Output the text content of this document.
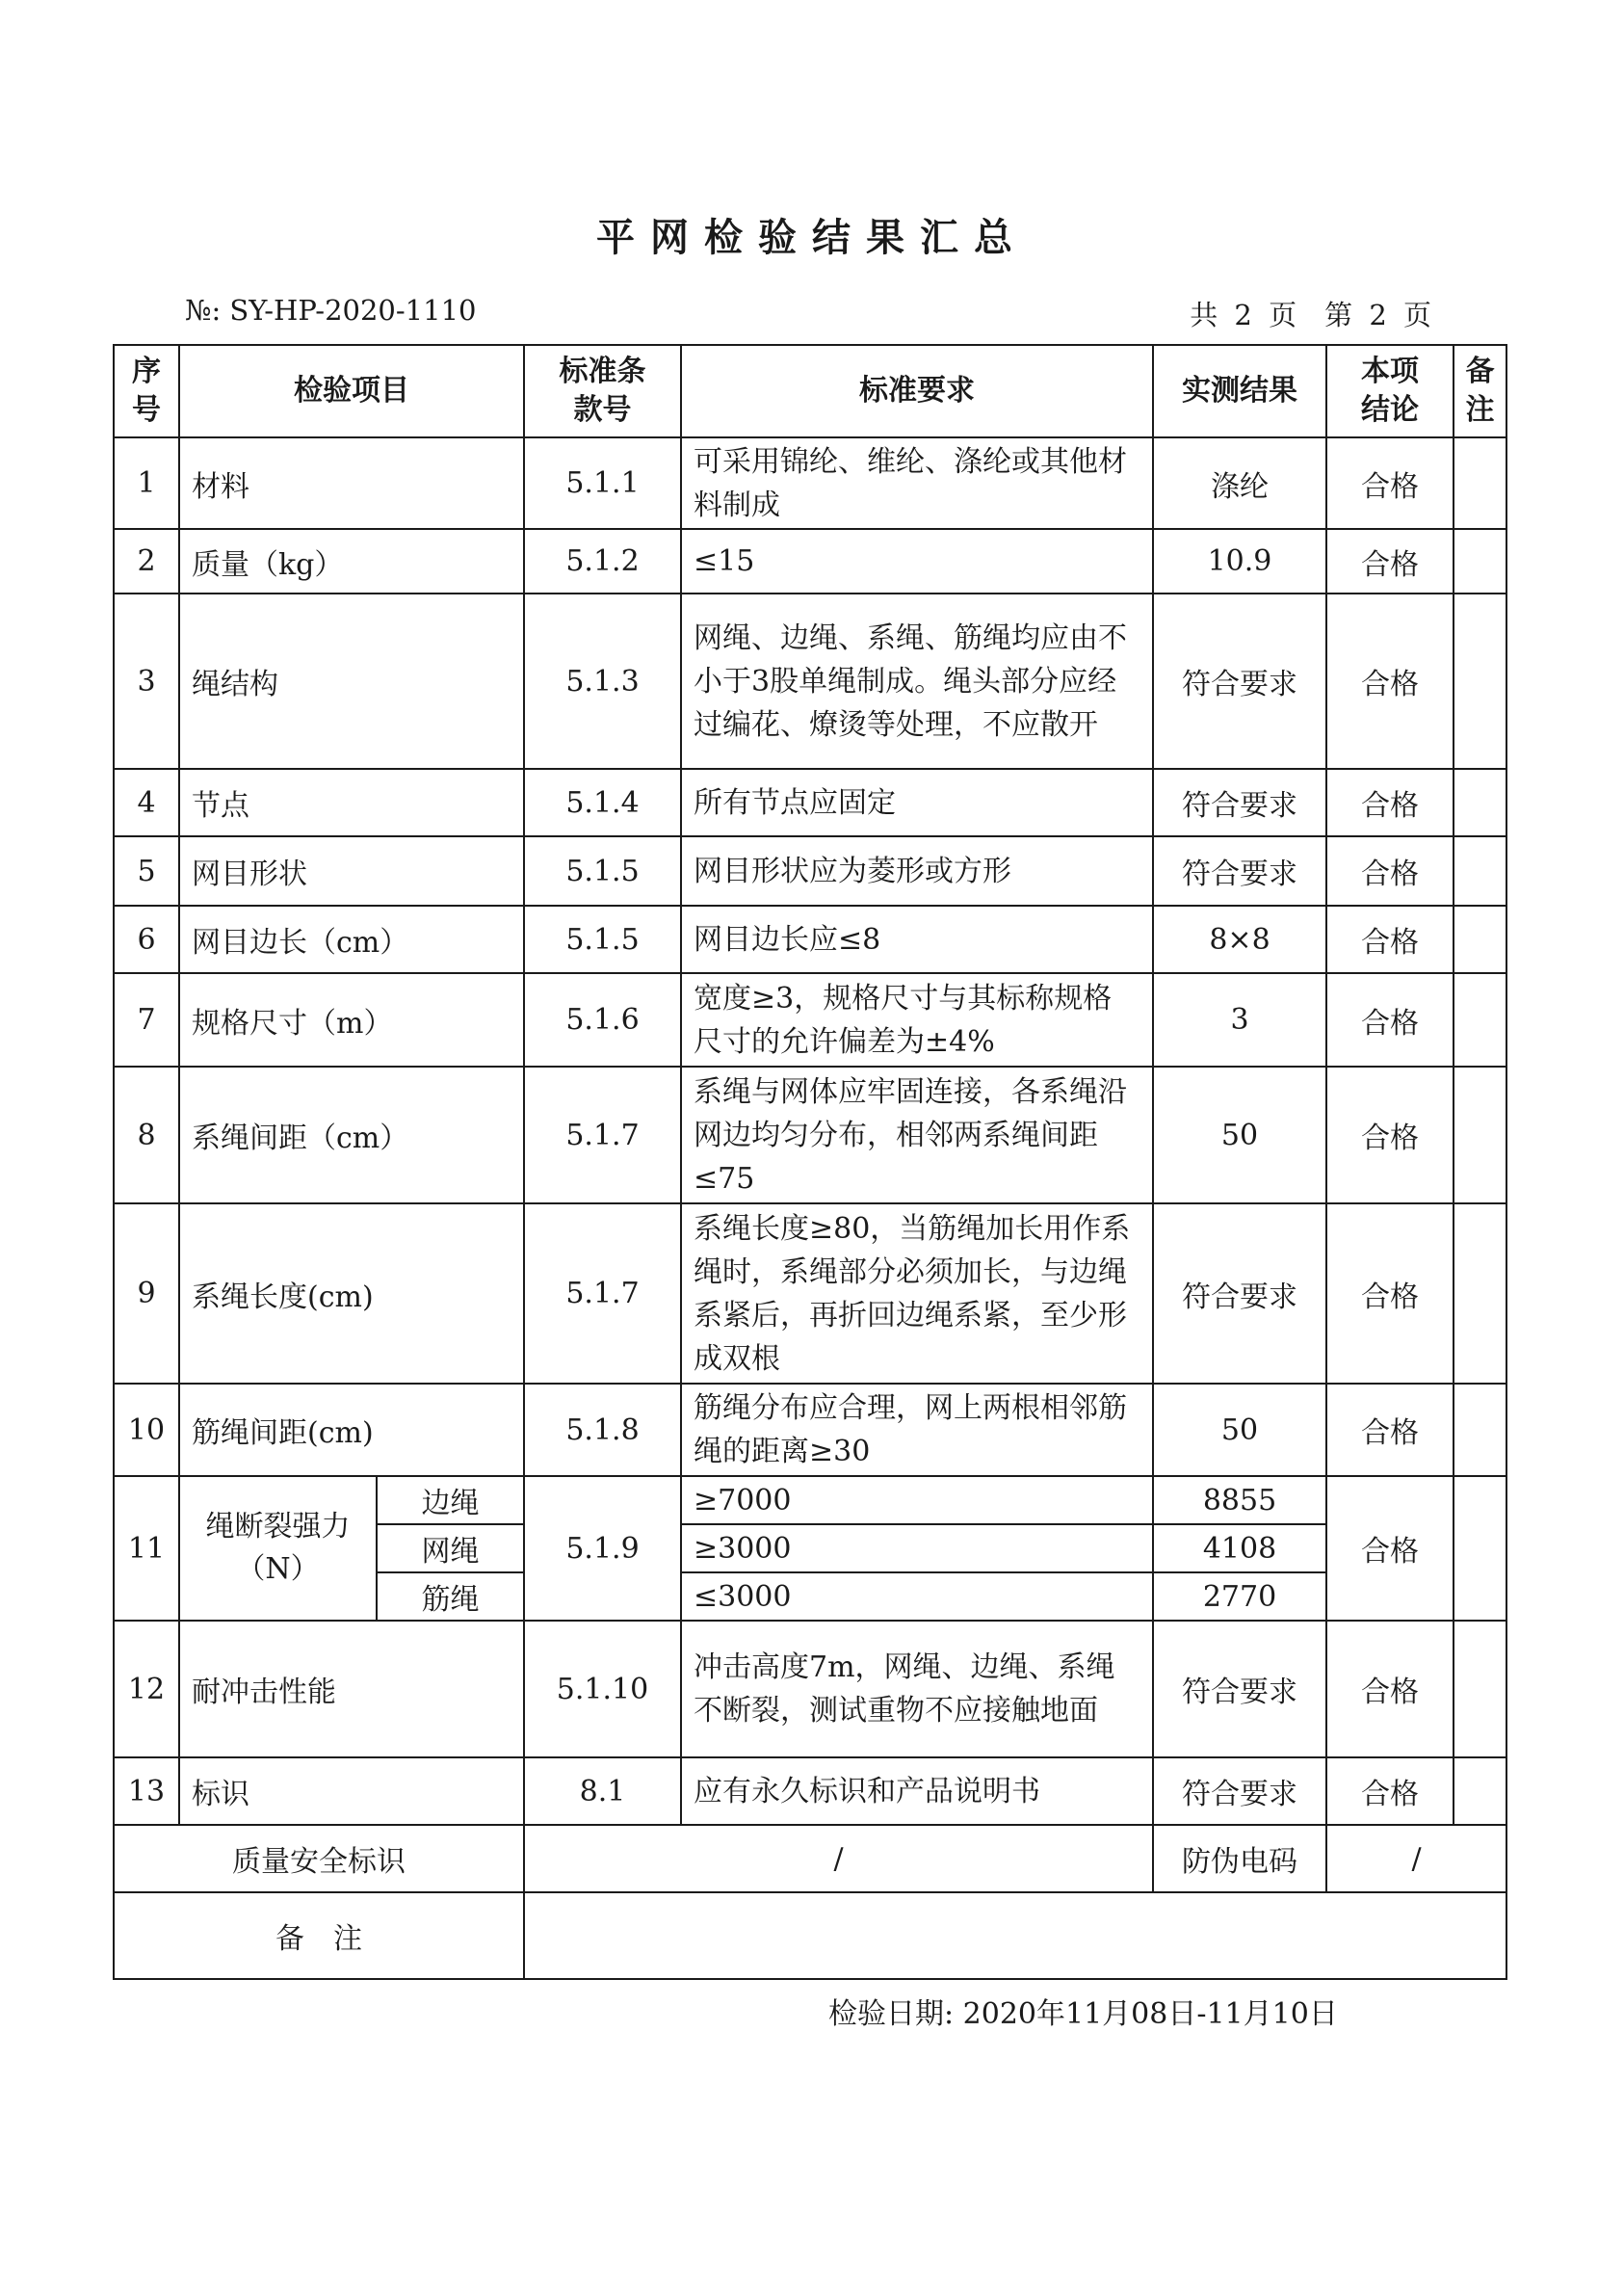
平网检验结果汇总
№: SY-HP-2020-1110	共 2 页　第 2 页
序号	检验项目		标准条款号	标准要求	实测结果	本项结论	备注
1	材料		5.1.1	可采用锦纶、维纶、涤纶或其他材料制成	涤纶	合格	
2	质量（kg）		5.1.2	≤15	10.9	合格	
3	绳结构		5.1.3	网绳、边绳、系绳、筋绳均应由不小于3股单绳制成。绳头部分应经过编花、燎烫等处理，不应散开	符合要求	合格	
4	节点		5.1.4	所有节点应固定	符合要求	合格	
5	网目形状		5.1.5	网目形状应为菱形或方形	符合要求	合格	
6	网目边长（cm）		5.1.5	网目边长应≤8	8×8	合格	
7	规格尺寸（m）		5.1.6	宽度≥3，规格尺寸与其标称规格尺寸的允许偏差为±4%	3	合格	
8	系绳间距（cm）		5.1.7	系绳与网体应牢固连接，各系绳沿网边均匀分布，相邻两系绳间距≤75	50	合格	
9	系绳长度(cm)		5.1.7	系绳长度≥80，当筋绳加长用作系绳时，系绳部分必须加长，与边绳系紧后，再折回边绳系紧，至少形成双根	符合要求	合格	
10	筋绳间距(cm)		5.1.8	筋绳分布应合理，网上两根相邻筋绳的距离≥30	50	合格	
11	绳断裂强力（N）	边绳	5.1.9	≥7000	8855	合格	
		网绳		≥3000	4108		
		筋绳		≤3000	2770		
12	耐冲击性能		5.1.10	冲击高度7m，网绳、边绳、系绳不断裂，测试重物不应接触地面	符合要求	合格	
13	标识		8.1	应有永久标识和产品说明书	符合要求	合格	
质量安全标识			/		防伪电码	/	
备　注							
检验日期: 2020年11月08日-11月10日
